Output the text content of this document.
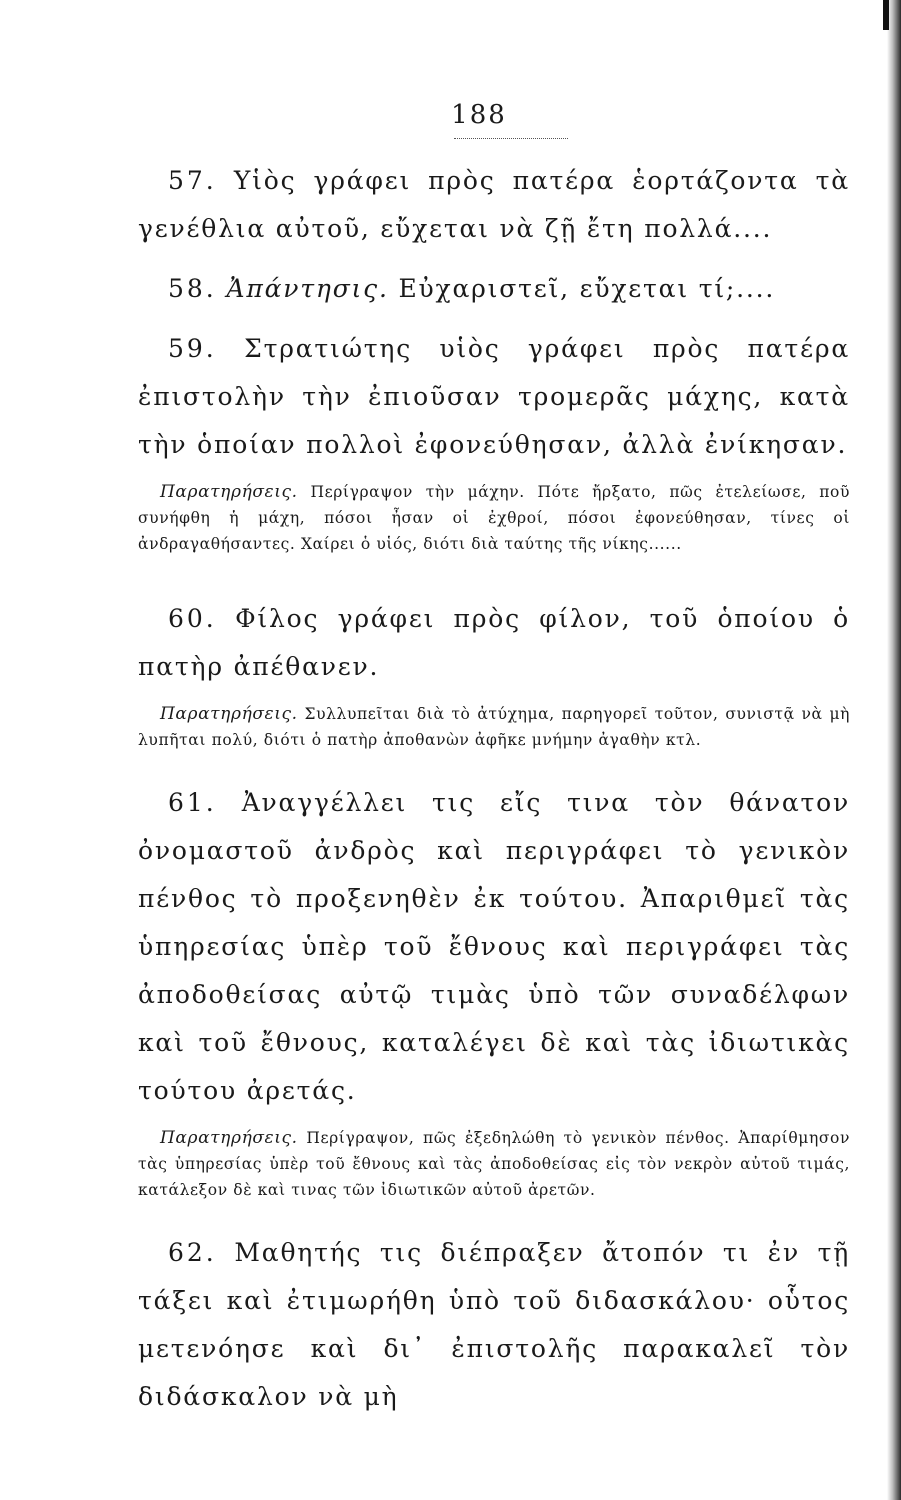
188

57. Υἱὸς γράφει πρὸς πατέρα ἑορτάζοντα τὰ γενέθλια αὐτοῦ, εὔχεται νὰ ζῇ ἔτη πολλά....

58. Ἀπάντησις. Εὐχαριστεῖ, εὔχεται τί;....

59. Στρατιώτης υἱὸς γράφει πρὸς πατέρα ἐπιστολὴν τὴν ἐπιοῦσαν τρομερᾶς μάχης, κατὰ τὴν ὁποίαν πολλοὶ ἐφονεύθησαν, ἀλλὰ ἐνίκησαν.

Παρατηρήσεις. Περίγραψον τὴν μάχην. Πότε ἤρξατο, πῶς ἐτελείωσε, ποῦ συνήφθη ἡ μάχη, πόσοι ἦσαν οἱ ἐχθροί, πόσοι ἐφονεύθησαν, τίνες οἱ ἀνδραγαθήσαντες. Χαίρει ὁ υἱός, διότι διὰ ταύτης τῆς νίκης......

60. Φίλος γράφει πρὸς φίλον, τοῦ ὁποίου ὁ πατὴρ ἀπέθανεν.

Παρατηρήσεις. Συλλυπεῖται διὰ τὸ ἀτύχημα, παρηγορεῖ τοῦτον, συνιστᾷ νὰ μὴ λυπῆται πολύ, διότι ὁ πατὴρ ἀποθανὼν ἀφῆκε μνήμην ἀγαθὴν κτλ.

61. Ἀναγγέλλει τις εἴς τινα τὸν θάνατον ὀνομαστοῦ ἀνδρὸς καὶ περιγράφει τὸ γενικὸν πένθος τὸ προξενηθὲν ἐκ τούτου. Ἀπαριθμεῖ τὰς ὑπηρεσίας ὑπὲρ τοῦ ἔθνους καὶ περιγράφει τὰς ἀποδοθείσας αὐτῷ τιμὰς ὑπὸ τῶν συναδέλφων καὶ τοῦ ἔθνους, καταλέγει δὲ καὶ τὰς ἰδιωτικὰς τούτου ἀρετάς.

Παρατηρήσεις. Περίγραψον, πῶς ἐξεδηλώθη τὸ γενικὸν πένθος. Ἀπαρίθμησον τὰς ὑπηρεσίας ὑπὲρ τοῦ ἔθνους καὶ τὰς ἀποδοθείσας εἰς τὸν νεκρὸν αὐτοῦ τιμάς, κατάλεξον δὲ καὶ τινας τῶν ἰδιωτικῶν αὐτοῦ ἀρετῶν.

62. Μαθητής τις διέπραξεν ἄτοπόν τι ἐν τῇ τάξει καὶ ἐτιμωρήθη ὑπὸ τοῦ διδασκάλου· οὗτος μετενόησε καὶ δι᾿ ἐπιστολῆς παρακαλεῖ τὸν διδάσκαλον νὰ μὴ
